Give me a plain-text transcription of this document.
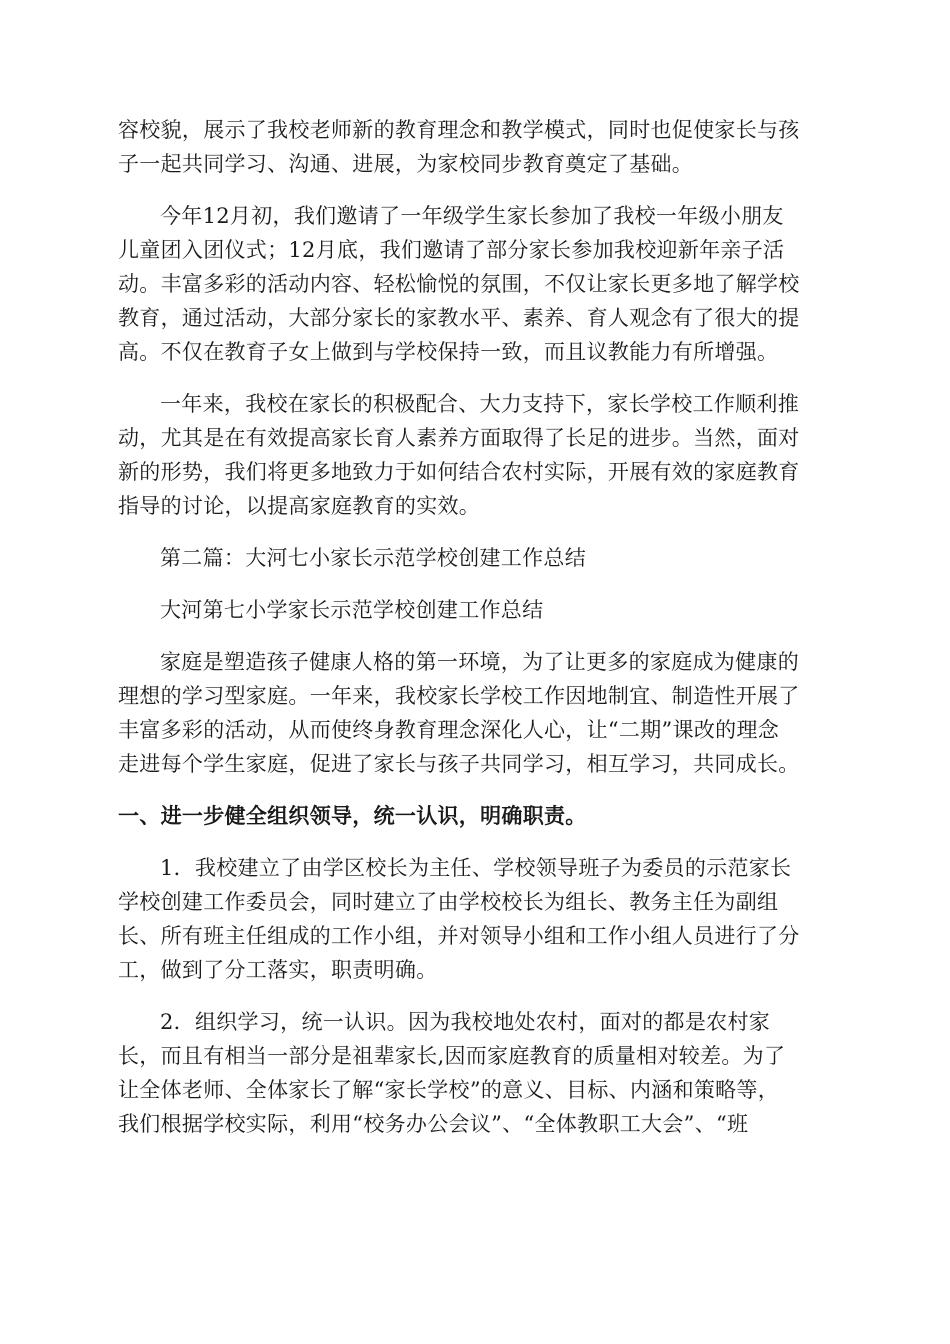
容校貌，展示了我校老师新的教育理念和教学模式，同时也促使家长与孩
子一起共同学习、沟通、进展，为家校同步教育奠定了基础。
今年12月初，我们邀请了一年级学生家长参加了我校一年级小朋友
儿童团入团仪式；12月底，我们邀请了部分家长参加我校迎新年亲子活
动。丰富多彩的活动内容、轻松愉悦的氛围，不仅让家长更多地了解学校
教育，通过活动，大部分家长的家教水平、素养、育人观念有了很大的提
高。不仅在教育子女上做到与学校保持一致，而且议教能力有所增强。
一年来，我校在家长的积极配合、大力支持下，家长学校工作顺利推
动，尤其是在有效提高家长育人素养方面取得了长足的进步。当然，面对
新的形势，我们将更多地致力于如何结合农村实际，开展有效的家庭教育
指导的讨论，以提高家庭教育的实效。
第二篇：大河七小家长示范学校创建工作总结
大河第七小学家长示范学校创建工作总结
家庭是塑造孩子健康人格的第一环境，为了让更多的家庭成为健康的
理想的学习型家庭。一年来，我校家长学校工作因地制宜、制造性开展了
丰富多彩的活动，从而使终身教育理念深化人心，让“二期”课改的理念
走进每个学生家庭，促进了家长与孩子共同学习，相互学习，共同成长。
一、进一步健全组织领导，统一认识，明确职责。
1．我校建立了由学区校长为主任、学校领导班子为委员的示范家长
学校创建工作委员会，同时建立了由学校校长为组长、教务主任为副组
长、所有班主任组成的工作小组，并对领导小组和工作小组人员进行了分
工，做到了分工落实，职责明确。
2．组织学习，统一认识。因为我校地处农村，面对的都是农村家
长，而且有相当一部分是祖辈家长,因而家庭教育的质量相对较差。为了
让全体老师、全体家长了解“家长学校”的意义、目标、内涵和策略等，
我们根据学校实际，利用“校务办公会议”、“全体教职工大会”、“班
